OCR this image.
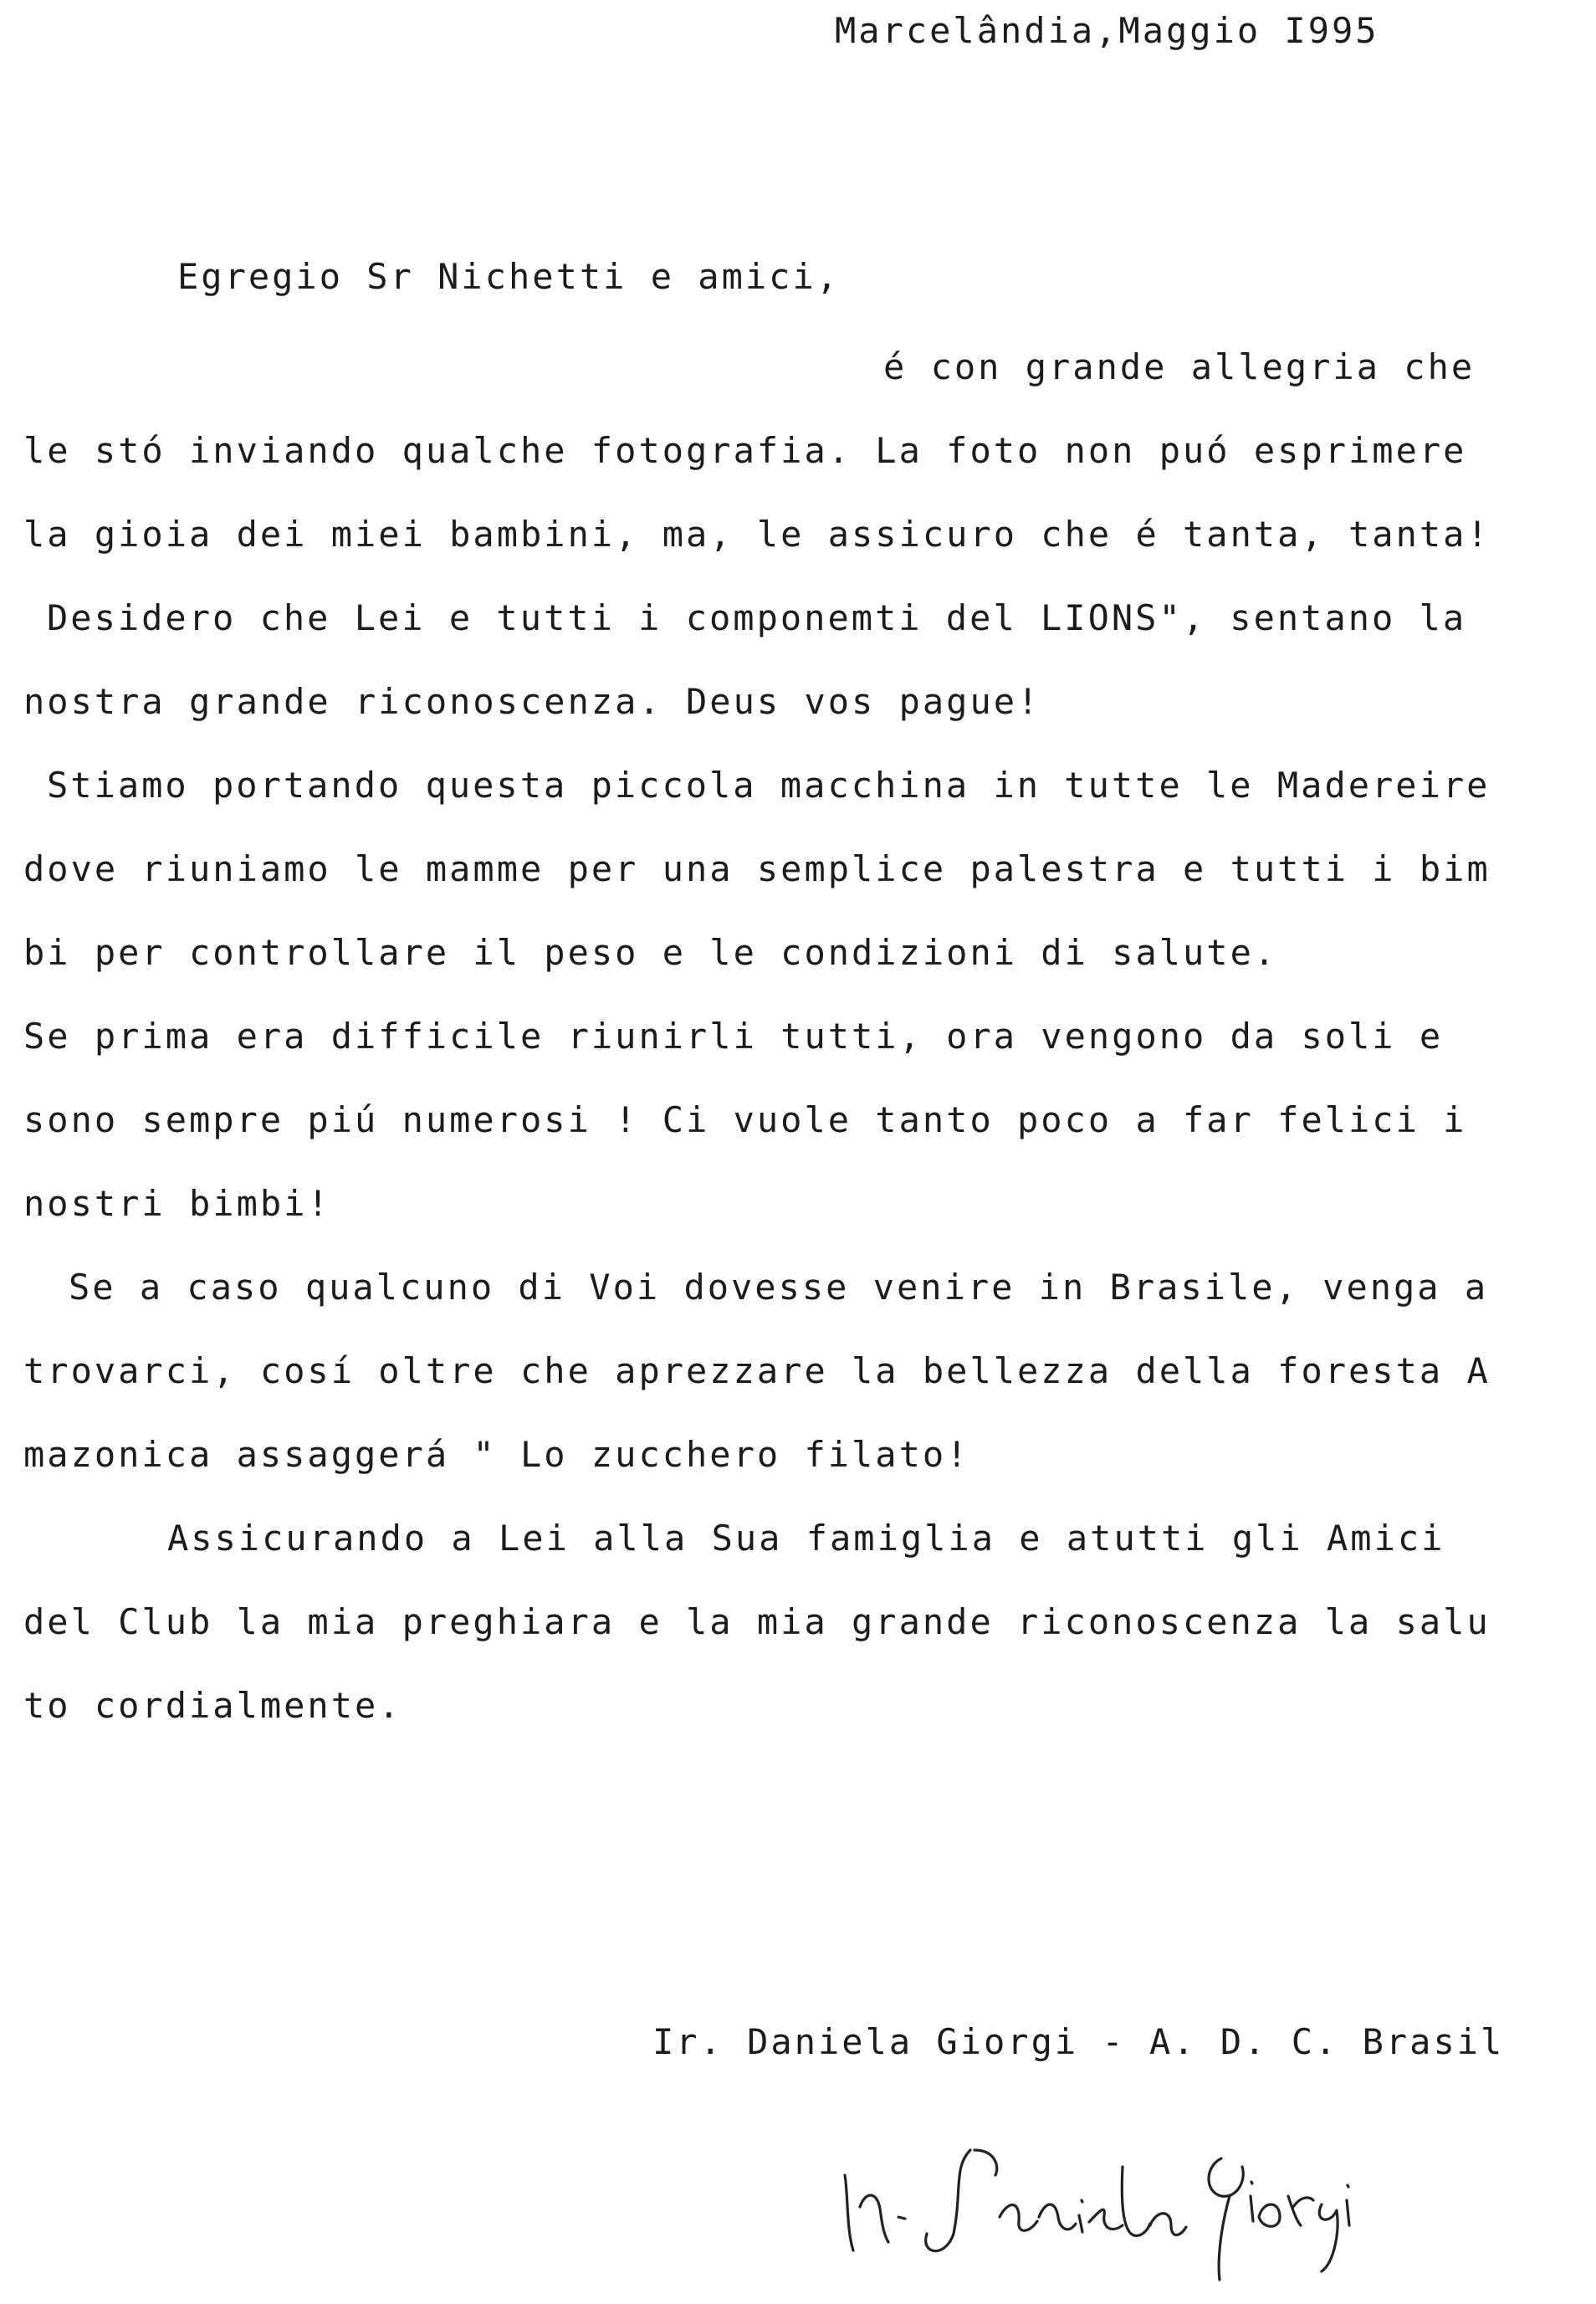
Marcelândia,Maggio I995
Egregio Sr Nichetti e amici,
é con grande allegria che
le stó inviando qualche fotografia. La foto non puó esprimere
la gioia dei miei bambini, ma, le assicuro che é tanta, tanta!
Desidero che Lei e tutti i componemti del LIONS", sentano la
nostra grande riconoscenza. Deus vos pague!
Stiamo portando questa piccola macchina in tutte le Madereire
dove riuniamo le mamme per una semplice palestra e tutti i bim
bi per controllare il peso e le condizioni di salute.
Se prima era difficile riunirli tutti, ora vengono da soli e
sono sempre piú numerosi ! Ci vuole tanto poco a far felici i
nostri bimbi!
Se a caso qualcuno di Voi dovesse venire in Brasile, venga a
trovarci, cosí oltre che aprezzare la bellezza della foresta A
mazonica assaggerá " Lo zucchero filato!
Assicurando a Lei alla Sua famiglia e atutti gli Amici
del Club la mia preghiara e la mia grande riconoscenza la salu
to cordialmente.
Ir. Daniela Giorgi - A. D. C. Brasil
